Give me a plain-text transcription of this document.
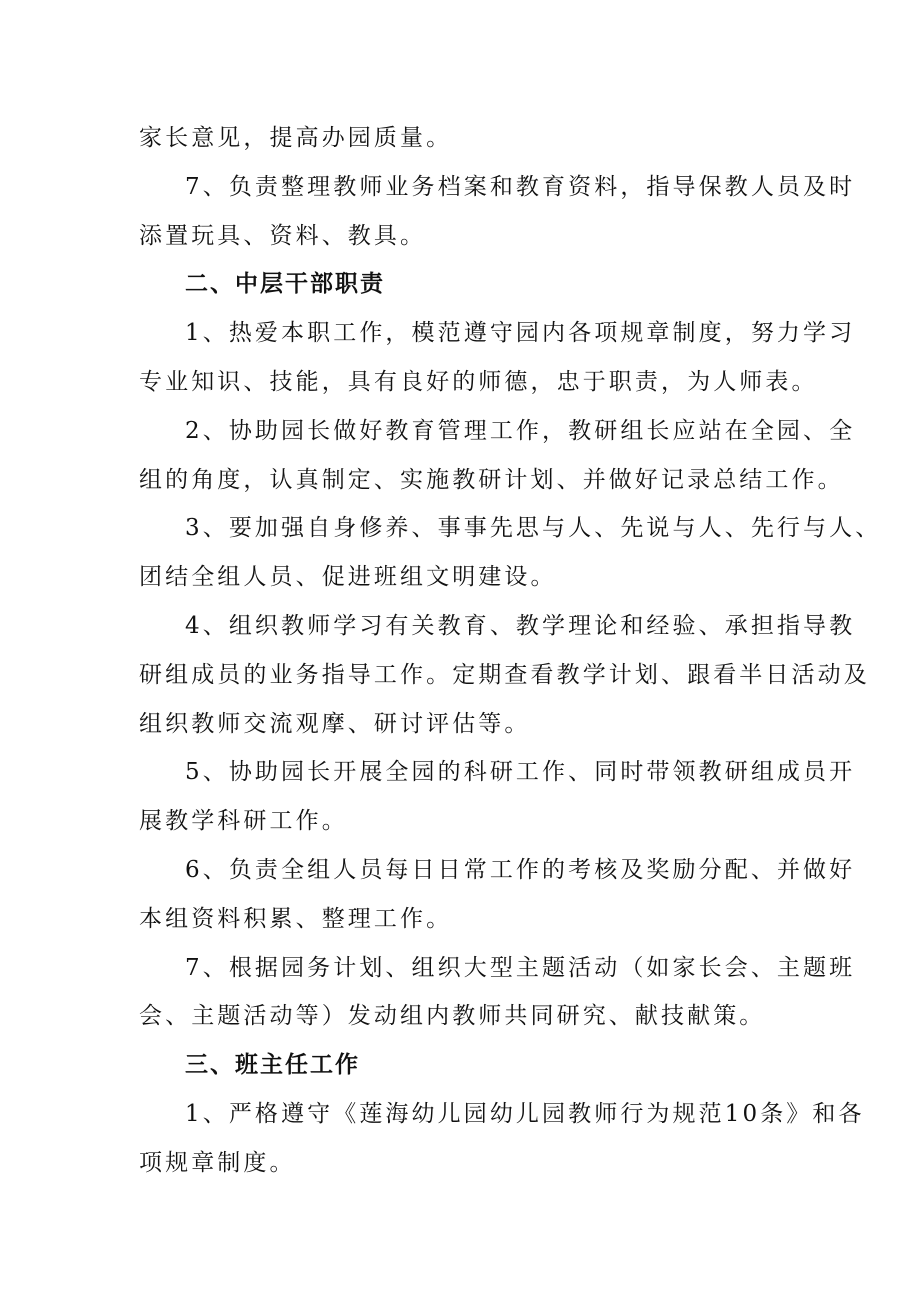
家长意见，提高办园质量。
7、负责整理教师业务档案和教育资料，指导保教人员及时
添置玩具、资料、教具。
二、中层干部职责
1、热爱本职工作，模范遵守园内各项规章制度，努力学习
专业知识、技能，具有良好的师德，忠于职责，为人师表。
2、协助园长做好教育管理工作，教研组长应站在全园、全
组的角度，认真制定、实施教研计划、并做好记录总结工作。
3、要加强自身修养、事事先思与人、先说与人、先行与人、
团结全组人员、促进班组文明建设。
4、组织教师学习有关教育、教学理论和经验、承担指导教
研组成员的业务指导工作。定期查看教学计划、跟看半日活动及
组织教师交流观摩、研讨评估等。
5、协助园长开展全园的科研工作、同时带领教研组成员开
展教学科研工作。
6、负责全组人员每日日常工作的考核及奖励分配、并做好
本组资料积累、整理工作。
7、根据园务计划、组织大型主题活动（如家长会、主题班
会、主题活动等）发动组内教师共同研究、献技献策。
三、班主任工作
1、严格遵守《莲海幼儿园幼儿园教师行为规范10条》和各
项规章制度。
